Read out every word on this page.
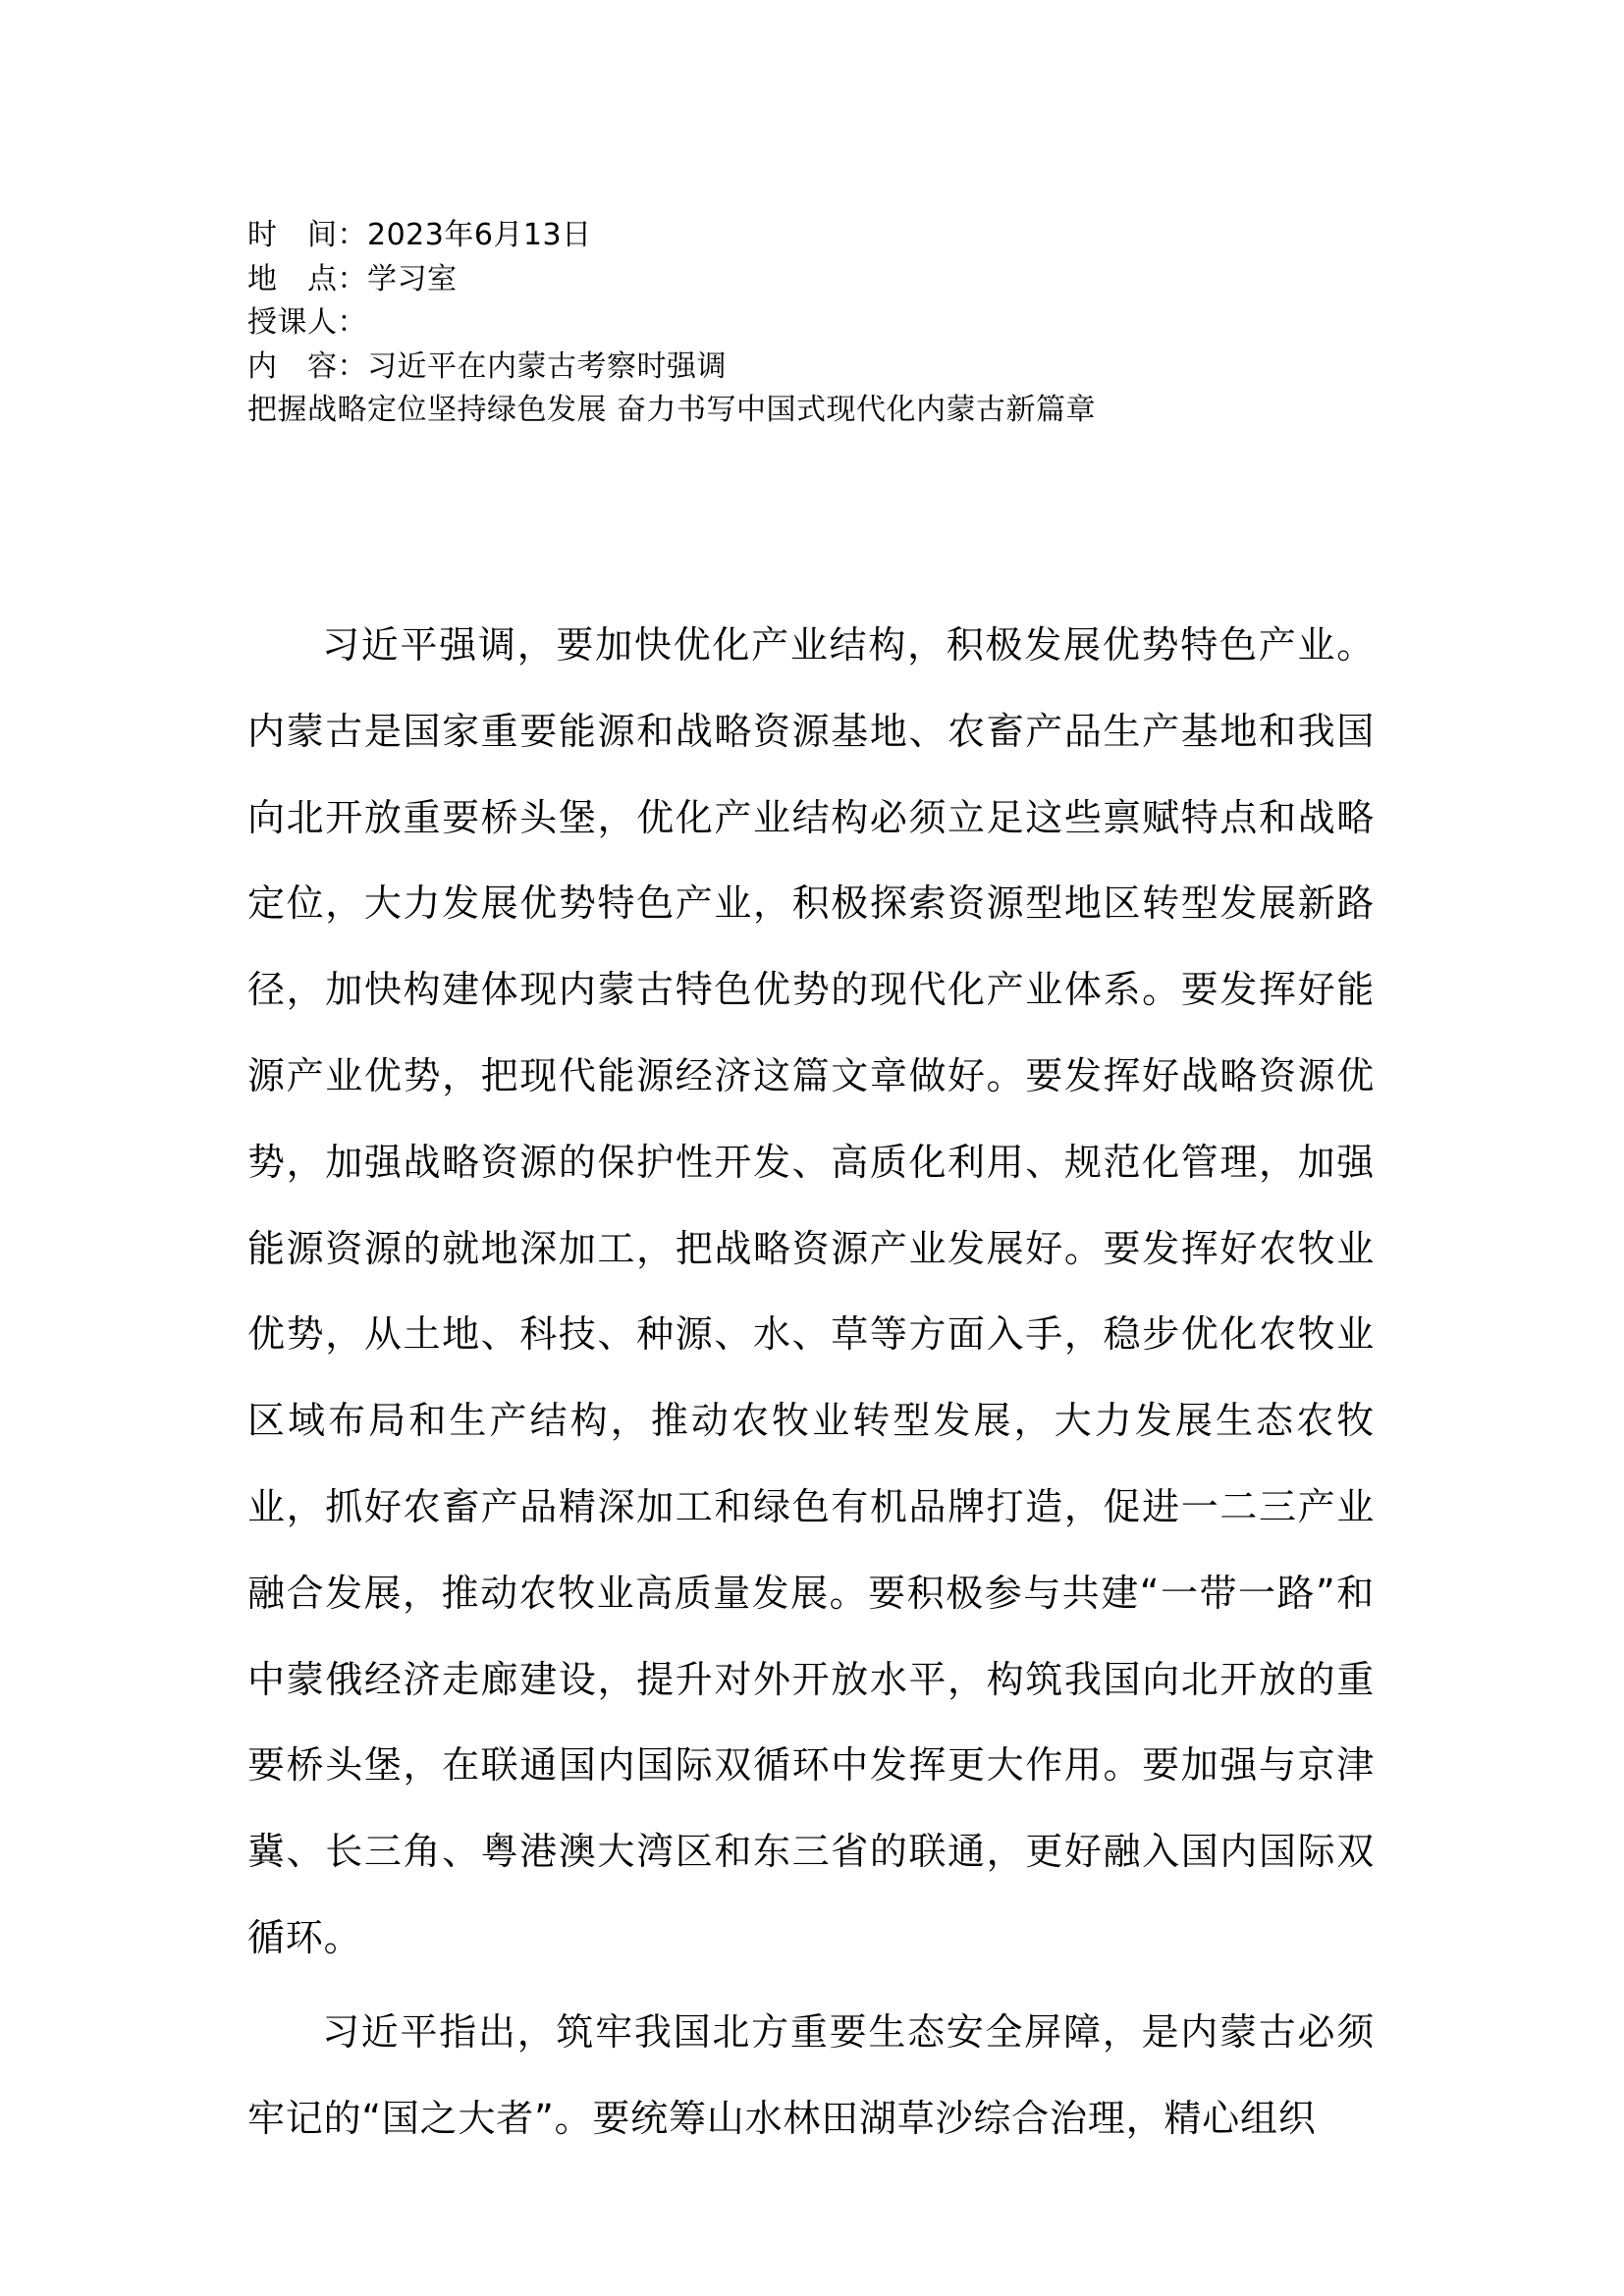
时　间：2023年6月13日
地　点：学习室
授课人：
内　容：习近平在内蒙古考察时强调
把握战略定位坚持绿色发展 奋力书写中国式现代化内蒙古新篇章

习近平强调，要加快优化产业结构，积极发展优势特色产业。内蒙古是国家重要能源和战略资源基地、农畜产品生产基地和我国向北开放重要桥头堡，优化产业结构必须立足这些禀赋特点和战略定位，大力发展优势特色产业，积极探索资源型地区转型发展新路径，加快构建体现内蒙古特色优势的现代化产业体系。要发挥好能源产业优势，把现代能源经济这篇文章做好。要发挥好战略资源优势，加强战略资源的保护性开发、高质化利用、规范化管理，加强能源资源的就地深加工，把战略资源产业发展好。要发挥好农牧业优势，从土地、科技、种源、水、草等方面入手，稳步优化农牧业区域布局和生产结构，推动农牧业转型发展，大力发展生态农牧业，抓好农畜产品精深加工和绿色有机品牌打造，促进一二三产业融合发展，推动农牧业高质量发展。要积极参与共建“一带一路”和中蒙俄经济走廊建设，提升对外开放水平，构筑我国向北开放的重要桥头堡，在联通国内国际双循环中发挥更大作用。要加强与京津冀、长三角、粤港澳大湾区和东三省的联通，更好融入国内国际双循环。

习近平指出，筑牢我国北方重要生态安全屏障，是内蒙古必须牢记的“国之大者”。要统筹山水林田湖草沙综合治理，精心组织
